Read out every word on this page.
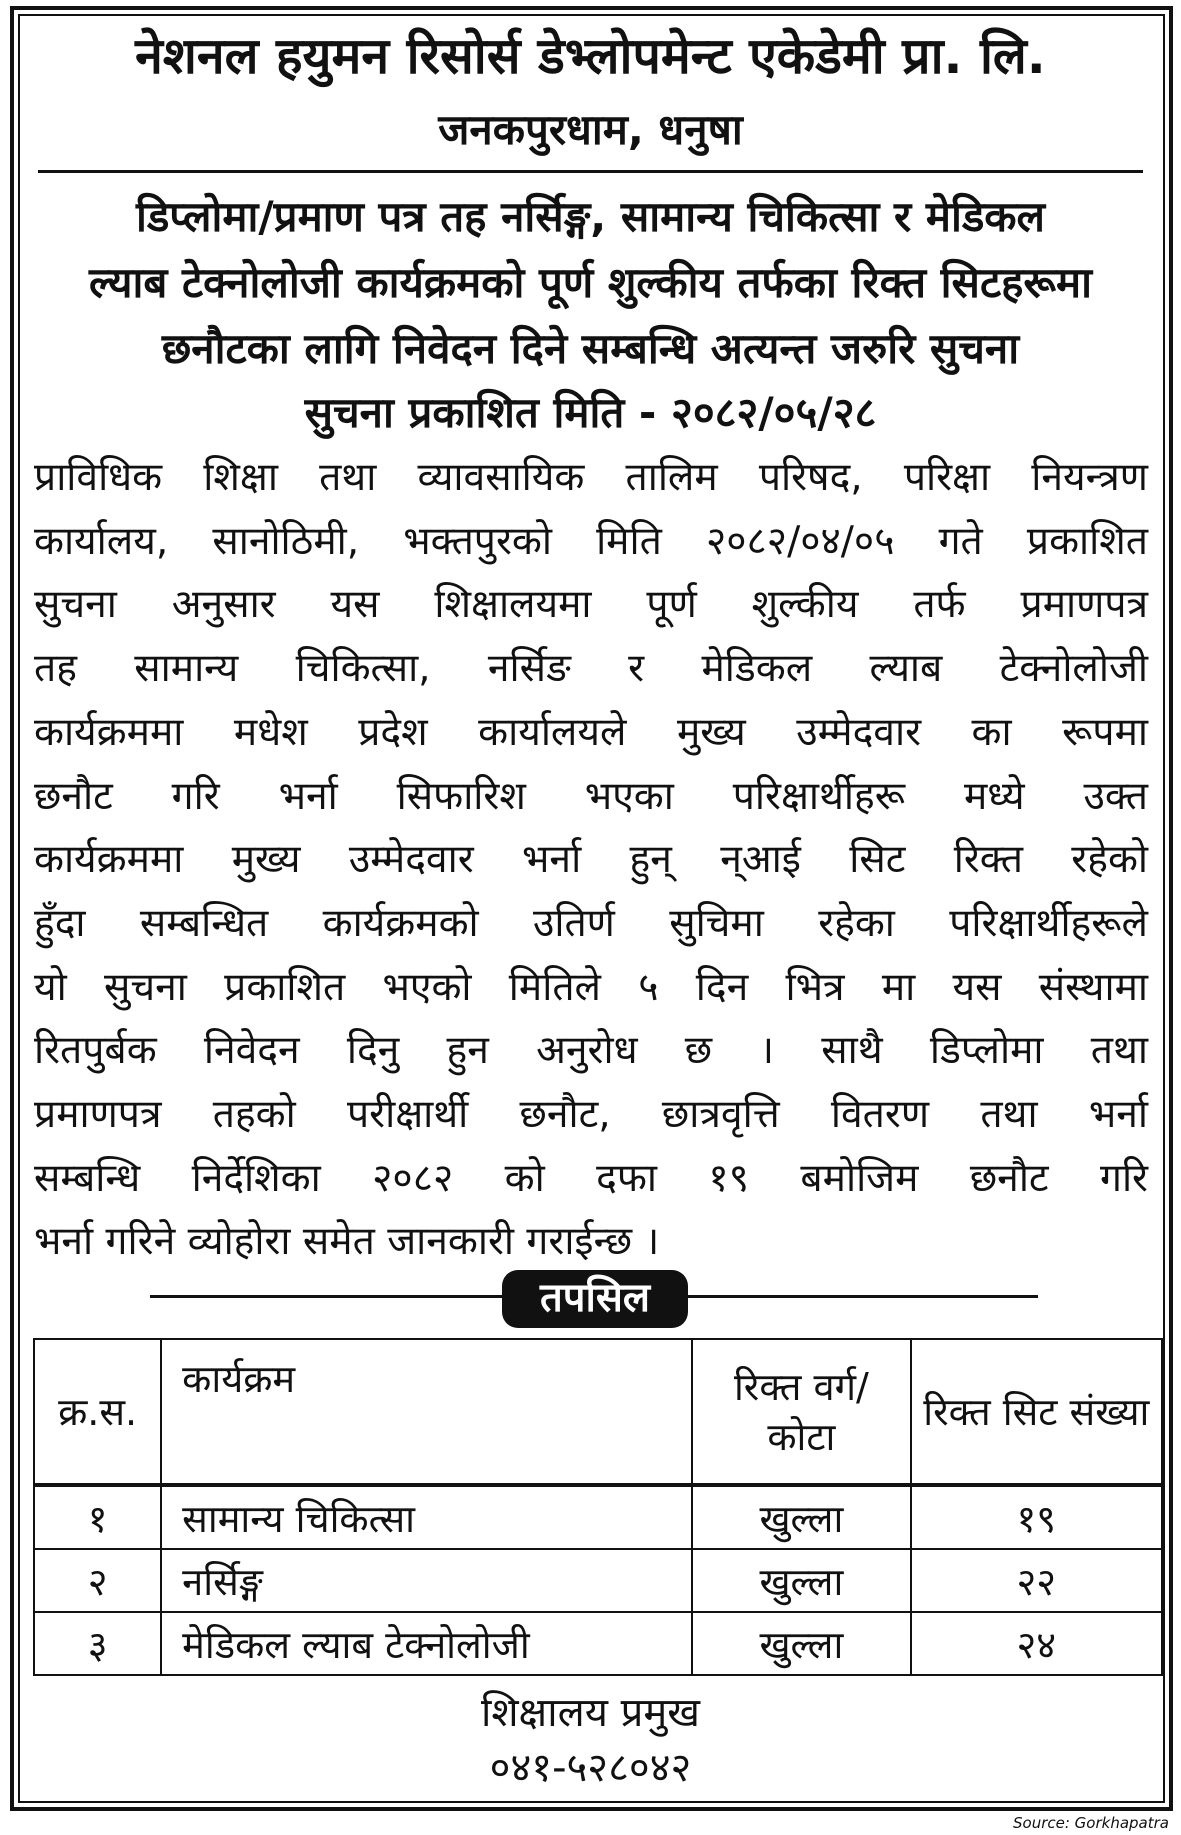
नेशनल हयुमन रिसोर्स डेभ्लोपमेन्ट एकेडेमी प्रा. लि.
जनकपुरधाम, धनुषा
डिप्लोमा/प्रमाण पत्र तह नर्सिङ्ग, सामान्य चिकित्सा र मेडिकल
ल्याब टेक्नोलोजी कार्यक्रमको पूर्ण शुल्कीय तर्फका रिक्त सिटहरूमा
छनौटका लागि निवेदन दिने सम्बन्धि अत्यन्त जरुरि सुचना
सुचना प्रकाशित मिति - २०८२/०५/२८
प्राविधिक शिक्षा तथा व्यावसायिक तालिम परिषद, परिक्षा नियन्त्रण
कार्यालय, सानोठिमी, भक्तपुरको मिति २०८२/०४/०५ गते प्रकाशित
सुचना अनुसार यस शिक्षालयमा पूर्ण शुल्कीय तर्फ प्रमाणपत्र
तह सामान्य चिकित्सा, नर्सिङ र मेडिकल ल्याब टेक्नोलोजी
कार्यक्रममा मधेश प्रदेश कार्यालयले मुख्य उम्मेदवार का रूपमा
छनौट गरि भर्ना सिफारिश भएका परिक्षार्थीहरू मध्ये उक्त
कार्यक्रममा मुख्य उम्मेदवार भर्ना हुन् न्आई सिट रिक्त रहेको
हुँदा सम्बन्धित कार्यक्रमको उतिर्ण सुचिमा रहेका परिक्षार्थीहरूले
यो सुचना प्रकाशित भएको मितिले ५ दिन भित्र मा यस संस्थामा
रितपुर्बक निवेदन दिनु हुन अनुरोध छ । साथै डिप्लोमा तथा
प्रमाणपत्र तहको परीक्षार्थी छनौट, छात्रवृत्ति वितरण तथा भर्ना
सम्बन्धि निर्देशिका २०८२ को दफा १९ बमोजिम छनौट गरि
भर्ना गरिने व्योहोरा समेत जानकारी गराईन्छ ।
तपसिल
क्र.स.	कार्यक्रम	रिक्त वर्ग/ कोटा	रिक्त सिट संख्या
१	सामान्य चिकित्सा	खुल्ला	१९
२	नर्सिङ्ग	खुल्ला	२२
३	मेडिकल ल्याब टेक्नोलोजी	खुल्ला	२४
शिक्षालय प्रमुख
०४१-५२८०४२
Source: Gorkhapatra
